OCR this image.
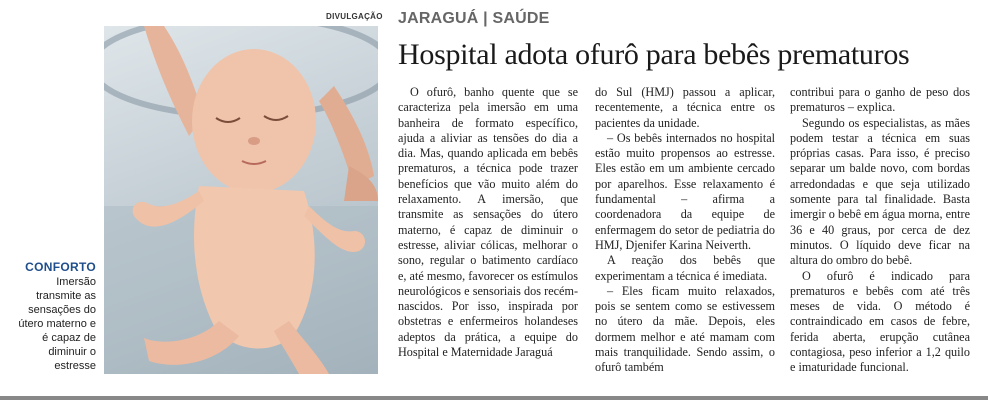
DIVULGAÇÃO
CONFORTO
Imersão transmite as sensações do útero materno e é capaz de diminuir o estresse
JARAGUÁ | SAÚDE
Hospital adota ofurô para bebês prematuros

O ofurô, banho quente que se caracteriza pela imersão em uma banheira de formato específico, ajuda a aliviar as tensões do dia a dia. Mas, quando aplicada em bebês prematuros, a técnica pode trazer benefícios que vão muito além do relaxamento. A imersão, que transmite as sensações do útero materno, é capaz de diminuir o estresse, aliviar cólicas, melhorar o sono, regular o batimento cardíaco e, até mesmo, favorecer os estímulos neurológicos e sensoriais dos recém-nascidos. Por isso, inspirada por obstetras e enfermeiros holandeses adeptos da prática, a equipe do Hospital e Maternidade Jaraguá

do Sul (HMJ) passou a aplicar, recentemente, a técnica entre os pacientes da unidade.

– Os bebês internados no hospital estão muito propensos ao estresse. Eles estão em um ambiente cercado por aparelhos. Esse relaxamento é fundamental – afirma a coordenadora da equipe de enfermagem do setor de pediatria do HMJ, Djenifer Karina Neiverth.

A reação dos bebês que experimentam a técnica é imediata.

– Eles ficam muito relaxados, pois se sentem como se estivessem no útero da mãe. Depois, eles dormem melhor e até mamam com mais tranquilidade. Sendo assim, o ofurô também

contribui para o ganho de peso dos prematuros – explica.

Segundo os especialistas, as mães podem testar a técnica em suas próprias casas. Para isso, é preciso separar um balde novo, com bordas arredondadas e que seja utilizado somente para tal finalidade. Basta imergir o bebê em água morna, entre 36 e 40 graus, por cerca de dez minutos. O líquido deve ficar na altura do ombro do bebê.

O ofurô é indicado para prematuros e bebês com até três meses de vida. O método é contraindicado em casos de febre, ferida aberta, erupção cutânea contagiosa, peso inferior a 1,2 quilo e imaturidade funcional.
